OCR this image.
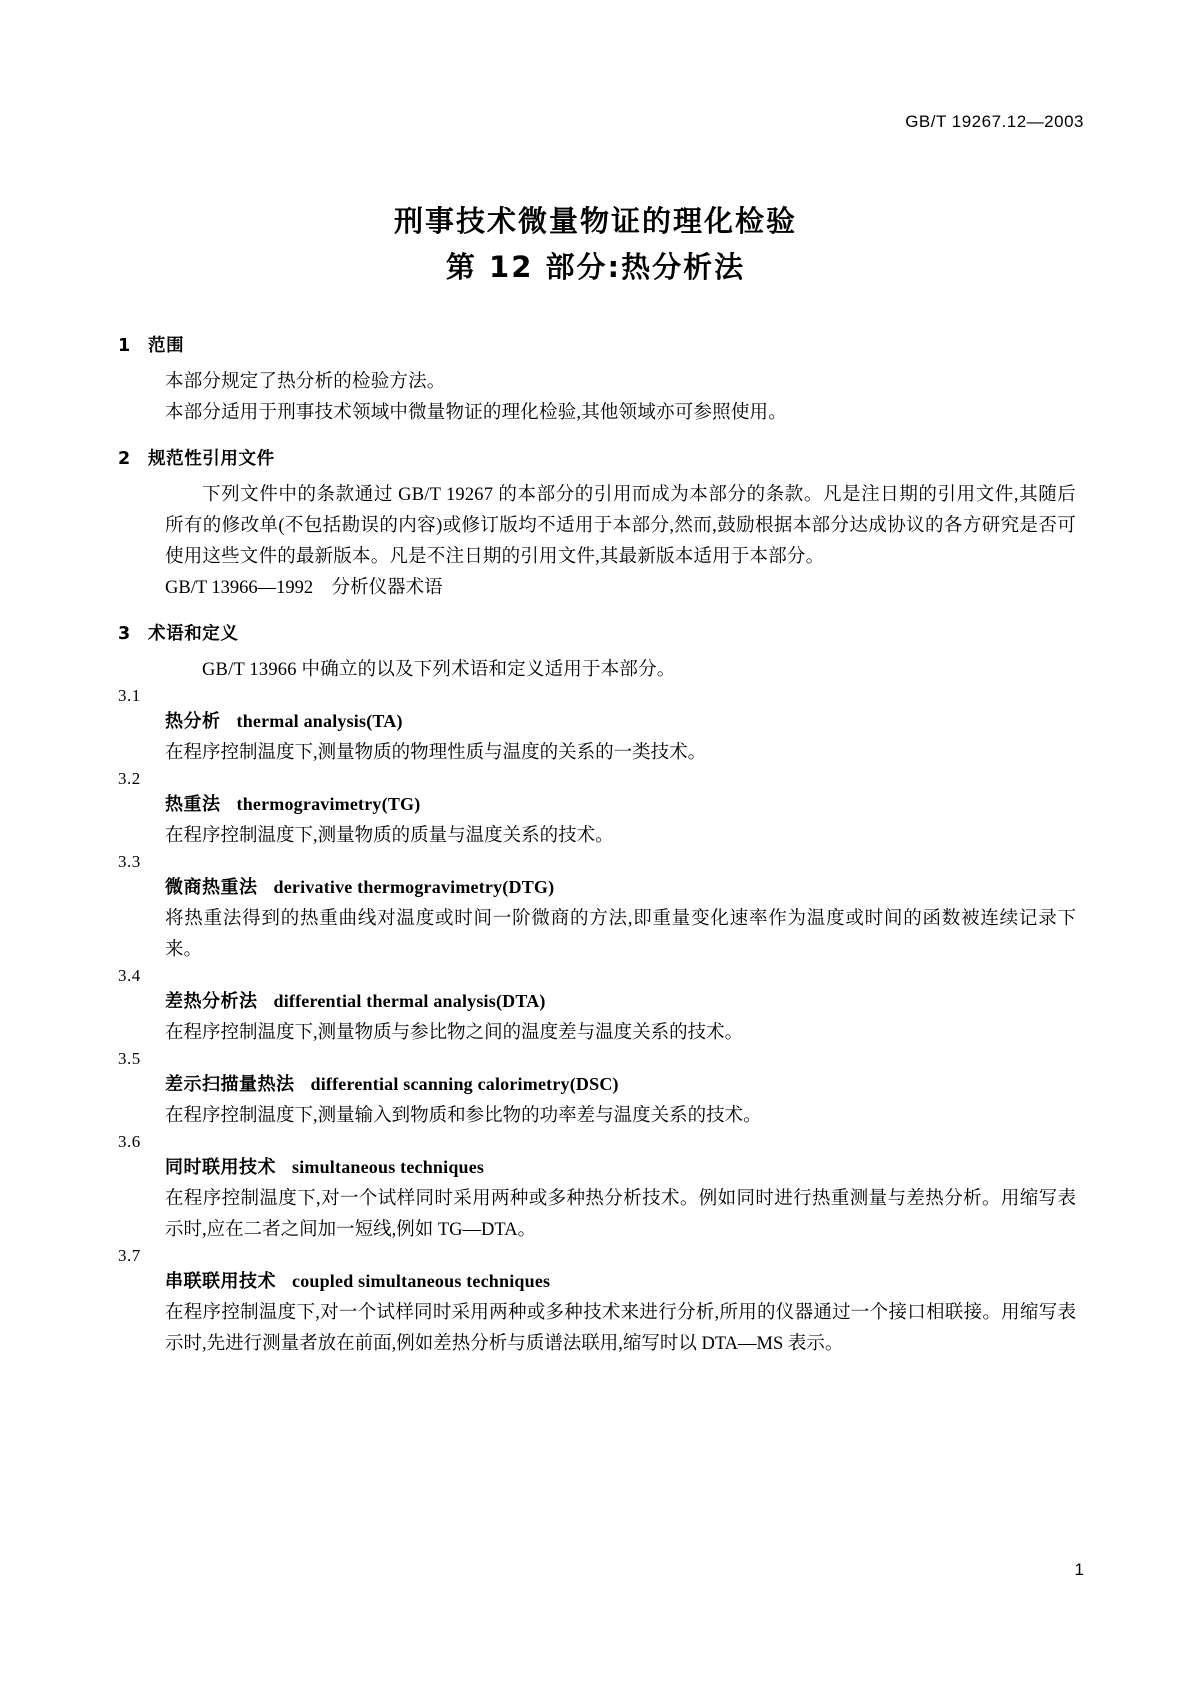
GB/T 19267.12—2003
刑事技术微量物证的理化检验
第 12 部分:热分析法
1 范围

本部分规定了热分析的检验方法。

本部分适用于刑事技术领域中微量物证的理化检验,其他领域亦可参照使用。

2 规范性引用文件

下列文件中的条款通过 GB/T 19267 的本部分的引用而成为本部分的条款。凡是注日期的引用文件,其随后所有的修改单(不包括勘误的内容)或修订版均不适用于本部分,然而,鼓励根据本部分达成协议的各方研究是否可使用这些文件的最新版本。凡是不注日期的引用文件,其最新版本适用于本部分。

GB/T 13966—1992　分析仪器术语

3 术语和定义

GB/T 13966 中确立的以及下列术语和定义适用于本部分。

3.1

热分析 thermal analysis(TA)

在程序控制温度下,测量物质的物理性质与温度的关系的一类技术。

3.2

热重法 thermogravimetry(TG)

在程序控制温度下,测量物质的质量与温度关系的技术。

3.3

微商热重法 derivative thermogravimetry(DTG)

将热重法得到的热重曲线对温度或时间一阶微商的方法,即重量变化速率作为温度或时间的函数被连续记录下来。

3.4

差热分析法 differential thermal analysis(DTA)

在程序控制温度下,测量物质与参比物之间的温度差与温度关系的技术。

3.5

差示扫描量热法 differential scanning calorimetry(DSC)

在程序控制温度下,测量输入到物质和参比物的功率差与温度关系的技术。

3.6

同时联用技术 simultaneous techniques

在程序控制温度下,对一个试样同时采用两种或多种热分析技术。例如同时进行热重测量与差热分析。用缩写表示时,应在二者之间加一短线,例如 TG—DTA。

3.7

串联联用技术 coupled simultaneous techniques

在程序控制温度下,对一个试样同时采用两种或多种技术来进行分析,所用的仪器通过一个接口相联接。用缩写表示时,先进行测量者放在前面,例如差热分析与质谱法联用,缩写时以 DTA—MS 表示。

1
